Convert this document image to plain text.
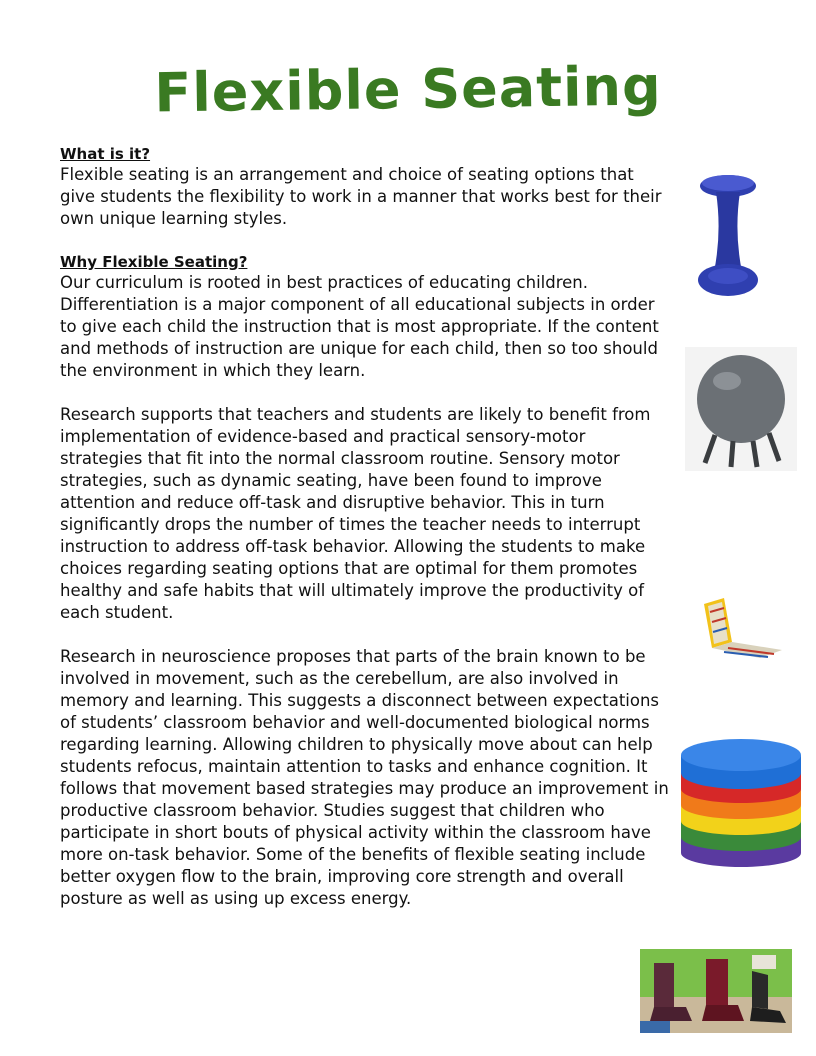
Flexible Seating

What is it?

Flexible seating is an arrangement and choice of seating options that give students the flexibility to work in a manner that works best for their own unique learning styles.

Why Flexible Seating?

Our curriculum is rooted in best practices of educating children. Differentiation is a major component of all educational subjects in order to give each child the instruction that is most appropriate. If the content and methods of instruction are unique for each child, then so too should the environment in which they learn.

Research supports that teachers and students are likely to benefit from implementation of evidence-based and practical sensory-motor strategies that fit into the normal classroom routine. Sensory motor strategies, such as dynamic seating, have been found to improve attention and reduce off-task and disruptive behavior. This in turn significantly drops the number of times the teacher needs to interrupt instruction to address off-task behavior. Allowing the students to make choices regarding seating options that are optimal for them promotes healthy and safe habits that will ultimately improve the productivity of each student.

Research in neuroscience proposes that parts of the brain known to be involved in movement, such as the cerebellum, are also involved in memory and learning. This suggests a disconnect between expectations of students’ classroom behavior and well-documented biological norms regarding learning. Allowing children to physically move about can help students refocus, maintain attention to tasks and enhance cognition. It follows that movement based strategies may produce an improvement in productive classroom behavior. Studies suggest that children who participate in short bouts of physical activity within the classroom have more on-task behavior. Some of the benefits of flexible seating include better oxygen flow to the brain, improving core strength and overall posture as well as using up excess energy.
